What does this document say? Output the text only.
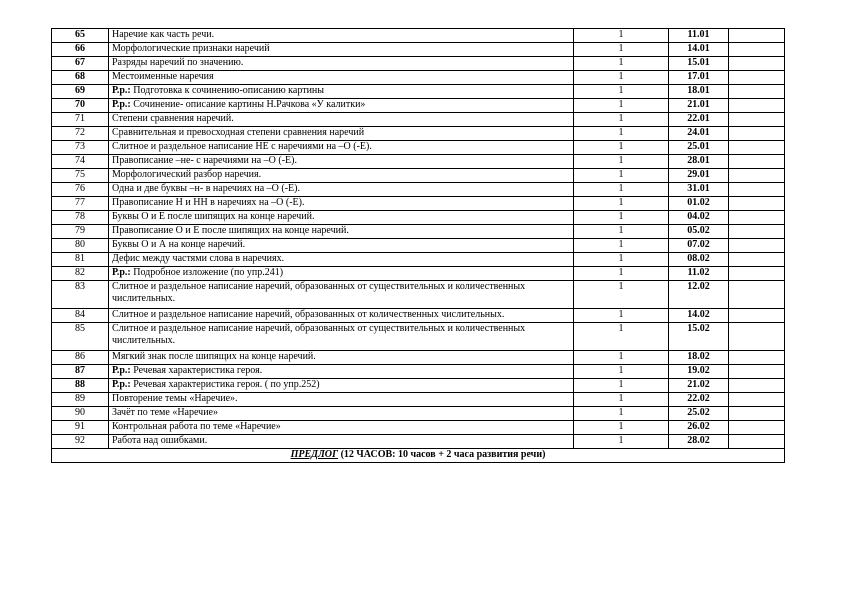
65	Наречие как часть речи.	1	11.01	
66	Морфологические признаки наречий	1	14.01	
67	Разряды наречий по значению.	1	15.01	
68	Местоименные наречия	1	17.01	
69	Р.р.: Подготовка к сочинению-описанию картины	1	18.01	
70	Р.р.: Сочинение- описание картины Н.Рачкова «У калитки»	1	21.01	
71	Степени сравнения наречий.	1	22.01	
72	Сравнительная и превосходная степени сравнения наречий	1	24.01	
73	Слитное и раздельное написание НЕ с наречиями на –О (-Е).	1	25.01	
74	Правописание –не- с наречиями на –О (-Е).	1	28.01	
75	Морфологический разбор наречия.	1	29.01	
76	Одна и две буквы –н- в наречиях на –О (-Е).	1	31.01	
77	Правописание Н и НН в наречиях на –О (-Е).	1	01.02	
78	Буквы О и Е после шипящих на конце наречий.	1	04.02	
79	Правописание О и Е после шипящих на конце наречий.	1	05.02	
80	Буквы О и А на конце наречий.	1	07.02	
81	Дефис между частями слова в наречиях.	1	08.02	
82	Р.р.: Подробное изложение (по упр.241)	1	11.02	
83	Слитное и раздельное написание наречий, образованных от существительных и количественных числительных.	1	12.02	
84	Слитное и раздельное написание наречий, образованных от количественных числительных.	1	14.02	
85	Слитное и раздельное написание наречий, образованных от существительных и количественных числительных.	1	15.02	
86	Мягкий знак после шипящих на конце наречий.	1	18.02	
87	Р.р.: Речевая характеристика героя.	1	19.02	
88	Р.р.: Речевая характеристика героя. ( по упр.252)	1	21.02	
89	Повторение темы «Наречие».	1	22.02	
90	Зачёт по теме «Наречие»	1	25.02	
91	Контрольная работа по теме «Наречие»	1	26.02	
92	Работа над ошибками.	1	28.02	
ПРЕДЛОГ (12 ЧАСОВ: 10 часов + 2 часа развития речи)				
